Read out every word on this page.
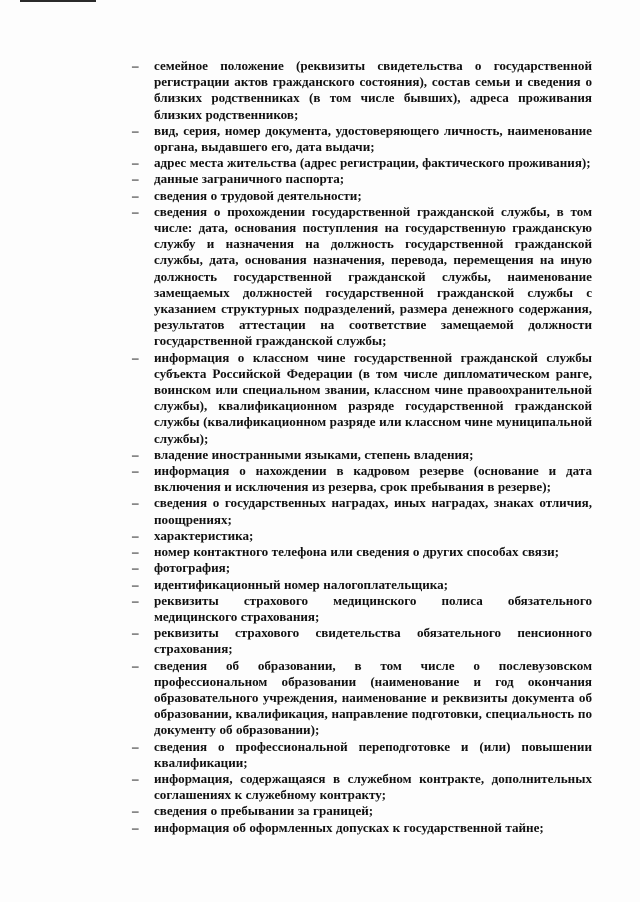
– семейное положение (реквизиты свидетельства о государственной регистрации актов гражданского состояния), состав семьи и сведения о близких родственниках (в том числе бывших), адреса проживания близких родственников;
– вид, серия, номер документа, удостоверяющего личность, наименование органа, выдавшего его, дата выдачи;
– адрес места жительства (адрес регистрации, фактического проживания);
– данные заграничного паспорта;
– сведения о трудовой деятельности;
– сведения о прохождении государственной гражданской службы, в том числе: дата, основания поступления на государственную гражданскую службу и назначения на должность государственной гражданской службы, дата, основания назначения, перевода, перемещения на иную должность государственной гражданской службы, наименование замещаемых должностей государственной гражданской службы с указанием структурных подразделений, размера денежного содержания, результатов аттестации на соответствие замещаемой должности государственной гражданской службы;
– информация о классном чине государственной гражданской службы субъекта Российской Федерации (в том числе дипломатическом ранге, воинском или специальном звании, классном чине правоохранительной службы), квалификационном разряде государственной гражданской службы (квалификационном разряде или классном чине муниципальной службы);
– владение иностранными языками, степень владения;
– информация о нахождении в кадровом резерве (основание и дата включения и исключения из резерва, срок пребывания в резерве);
– сведения о государственных наградах, иных наградах, знаках отличия, поощрениях;
– характеристика;
– номер контактного телефона или сведения о других способах связи;
– фотография;
– идентификационный номер налогоплательщика;
– реквизиты страхового медицинского полиса обязательного медицинского страхования;
– реквизиты страхового свидетельства обязательного пенсионного страхования;
– сведения об образовании, в том числе о послевузовском профессиональном образовании (наименование и год окончания образовательного учреждения, наименование и реквизиты документа об образовании, квалификация, направление подготовки, специальность по документу об образовании);
– сведения о профессиональной переподготовке и (или) повышении квалификации;
– информация, содержащаяся в служебном контракте, дополнительных соглашениях к служебному контракту;
– сведения о пребывании за границей;
– информация об оформленных допусках к государственной тайне;
